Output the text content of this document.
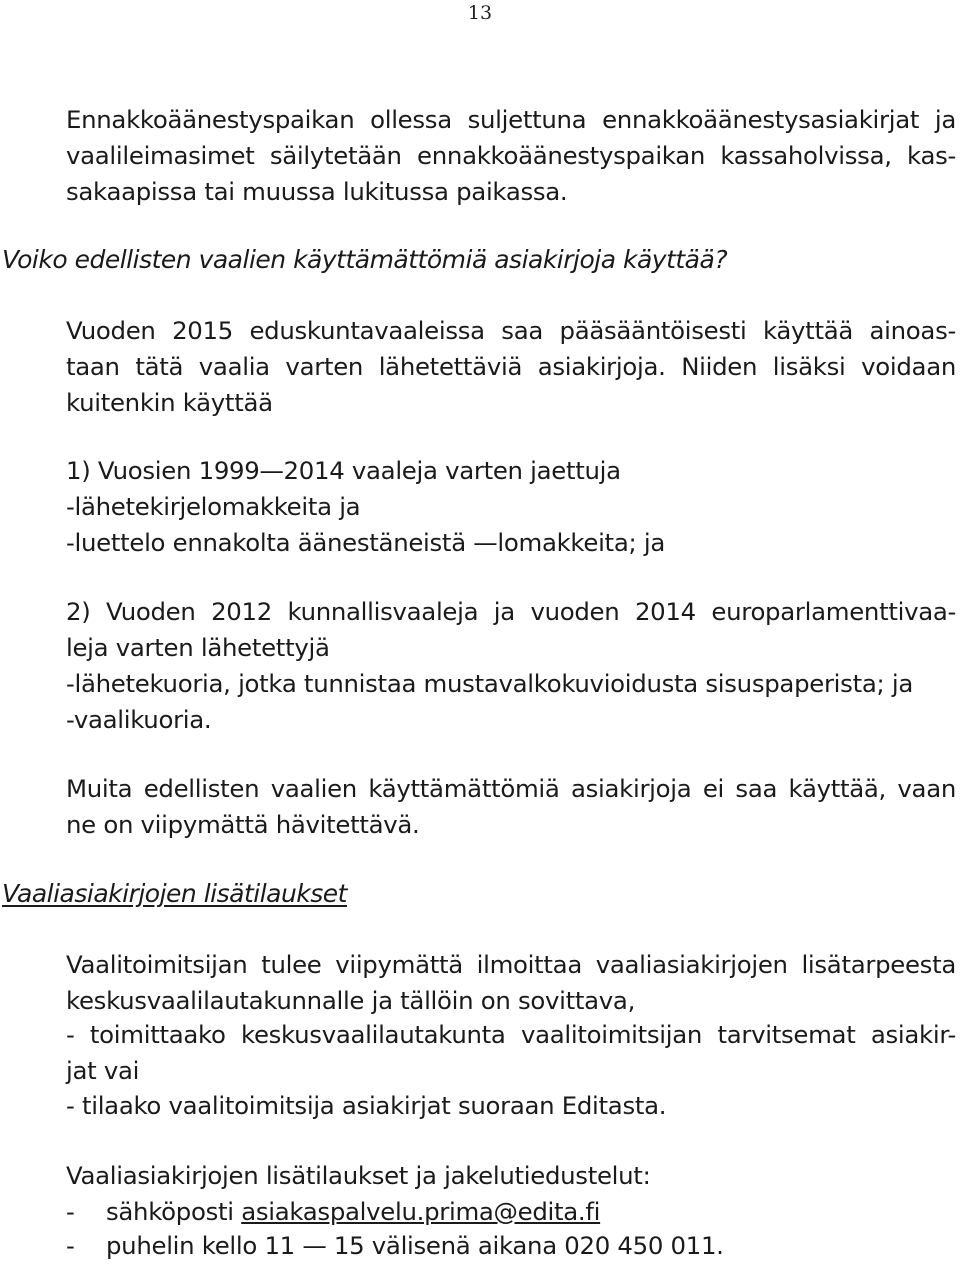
13

Ennakkoäänestyspaikan ollessa suljettuna ennakkoäänestysasiakirjat ja

vaalileimasimet säilytetään ennakkoäänestyspaikan kassaholvissa, kas-

sakaapissa tai muussa lukitussa paikassa.

Voiko edellisten vaalien käyttämättömiä asiakirjoja käyttää?

Vuoden 2015 eduskuntavaaleissa saa pääsääntöisesti käyttää ainoas-

taan tätä vaalia varten lähetettäviä asiakirjoja. Niiden lisäksi voidaan

kuitenkin käyttää

1) Vuosien 1999—2014 vaaleja varten jaettuja

-lähetekirjelomakkeita ja

-luettelo ennakolta äänestäneistä —lomakkeita; ja

2) Vuoden 2012 kunnallisvaaleja ja vuoden 2014 europarlamenttivaa-

leja varten lähetettyjä

-lähetekuoria, jotka tunnistaa mustavalkokuvioidusta sisuspaperista; ja

-vaalikuoria.

Muita edellisten vaalien käyttämättömiä asiakirjoja ei saa käyttää, vaan

ne on viipymättä hävitettävä.

Vaaliasiakirjojen lisätilaukset

Vaalitoimitsijan tulee viipymättä ilmoittaa vaaliasiakirjojen lisätarpeesta

keskusvaalilautakunnalle ja tällöin on sovittava,

- toimittaako keskusvaalilautakunta vaalitoimitsijan tarvitsemat asiakir-

jat vai

- tilaako vaalitoimitsija asiakirjat suoraan Editasta.

Vaaliasiakirjojen lisätilaukset ja jakelutiedustelut:

- sähköposti asiakaspalvelu.prima@edita.fi

- puhelin kello 11 — 15 välisenä aikana 020 450 011.
